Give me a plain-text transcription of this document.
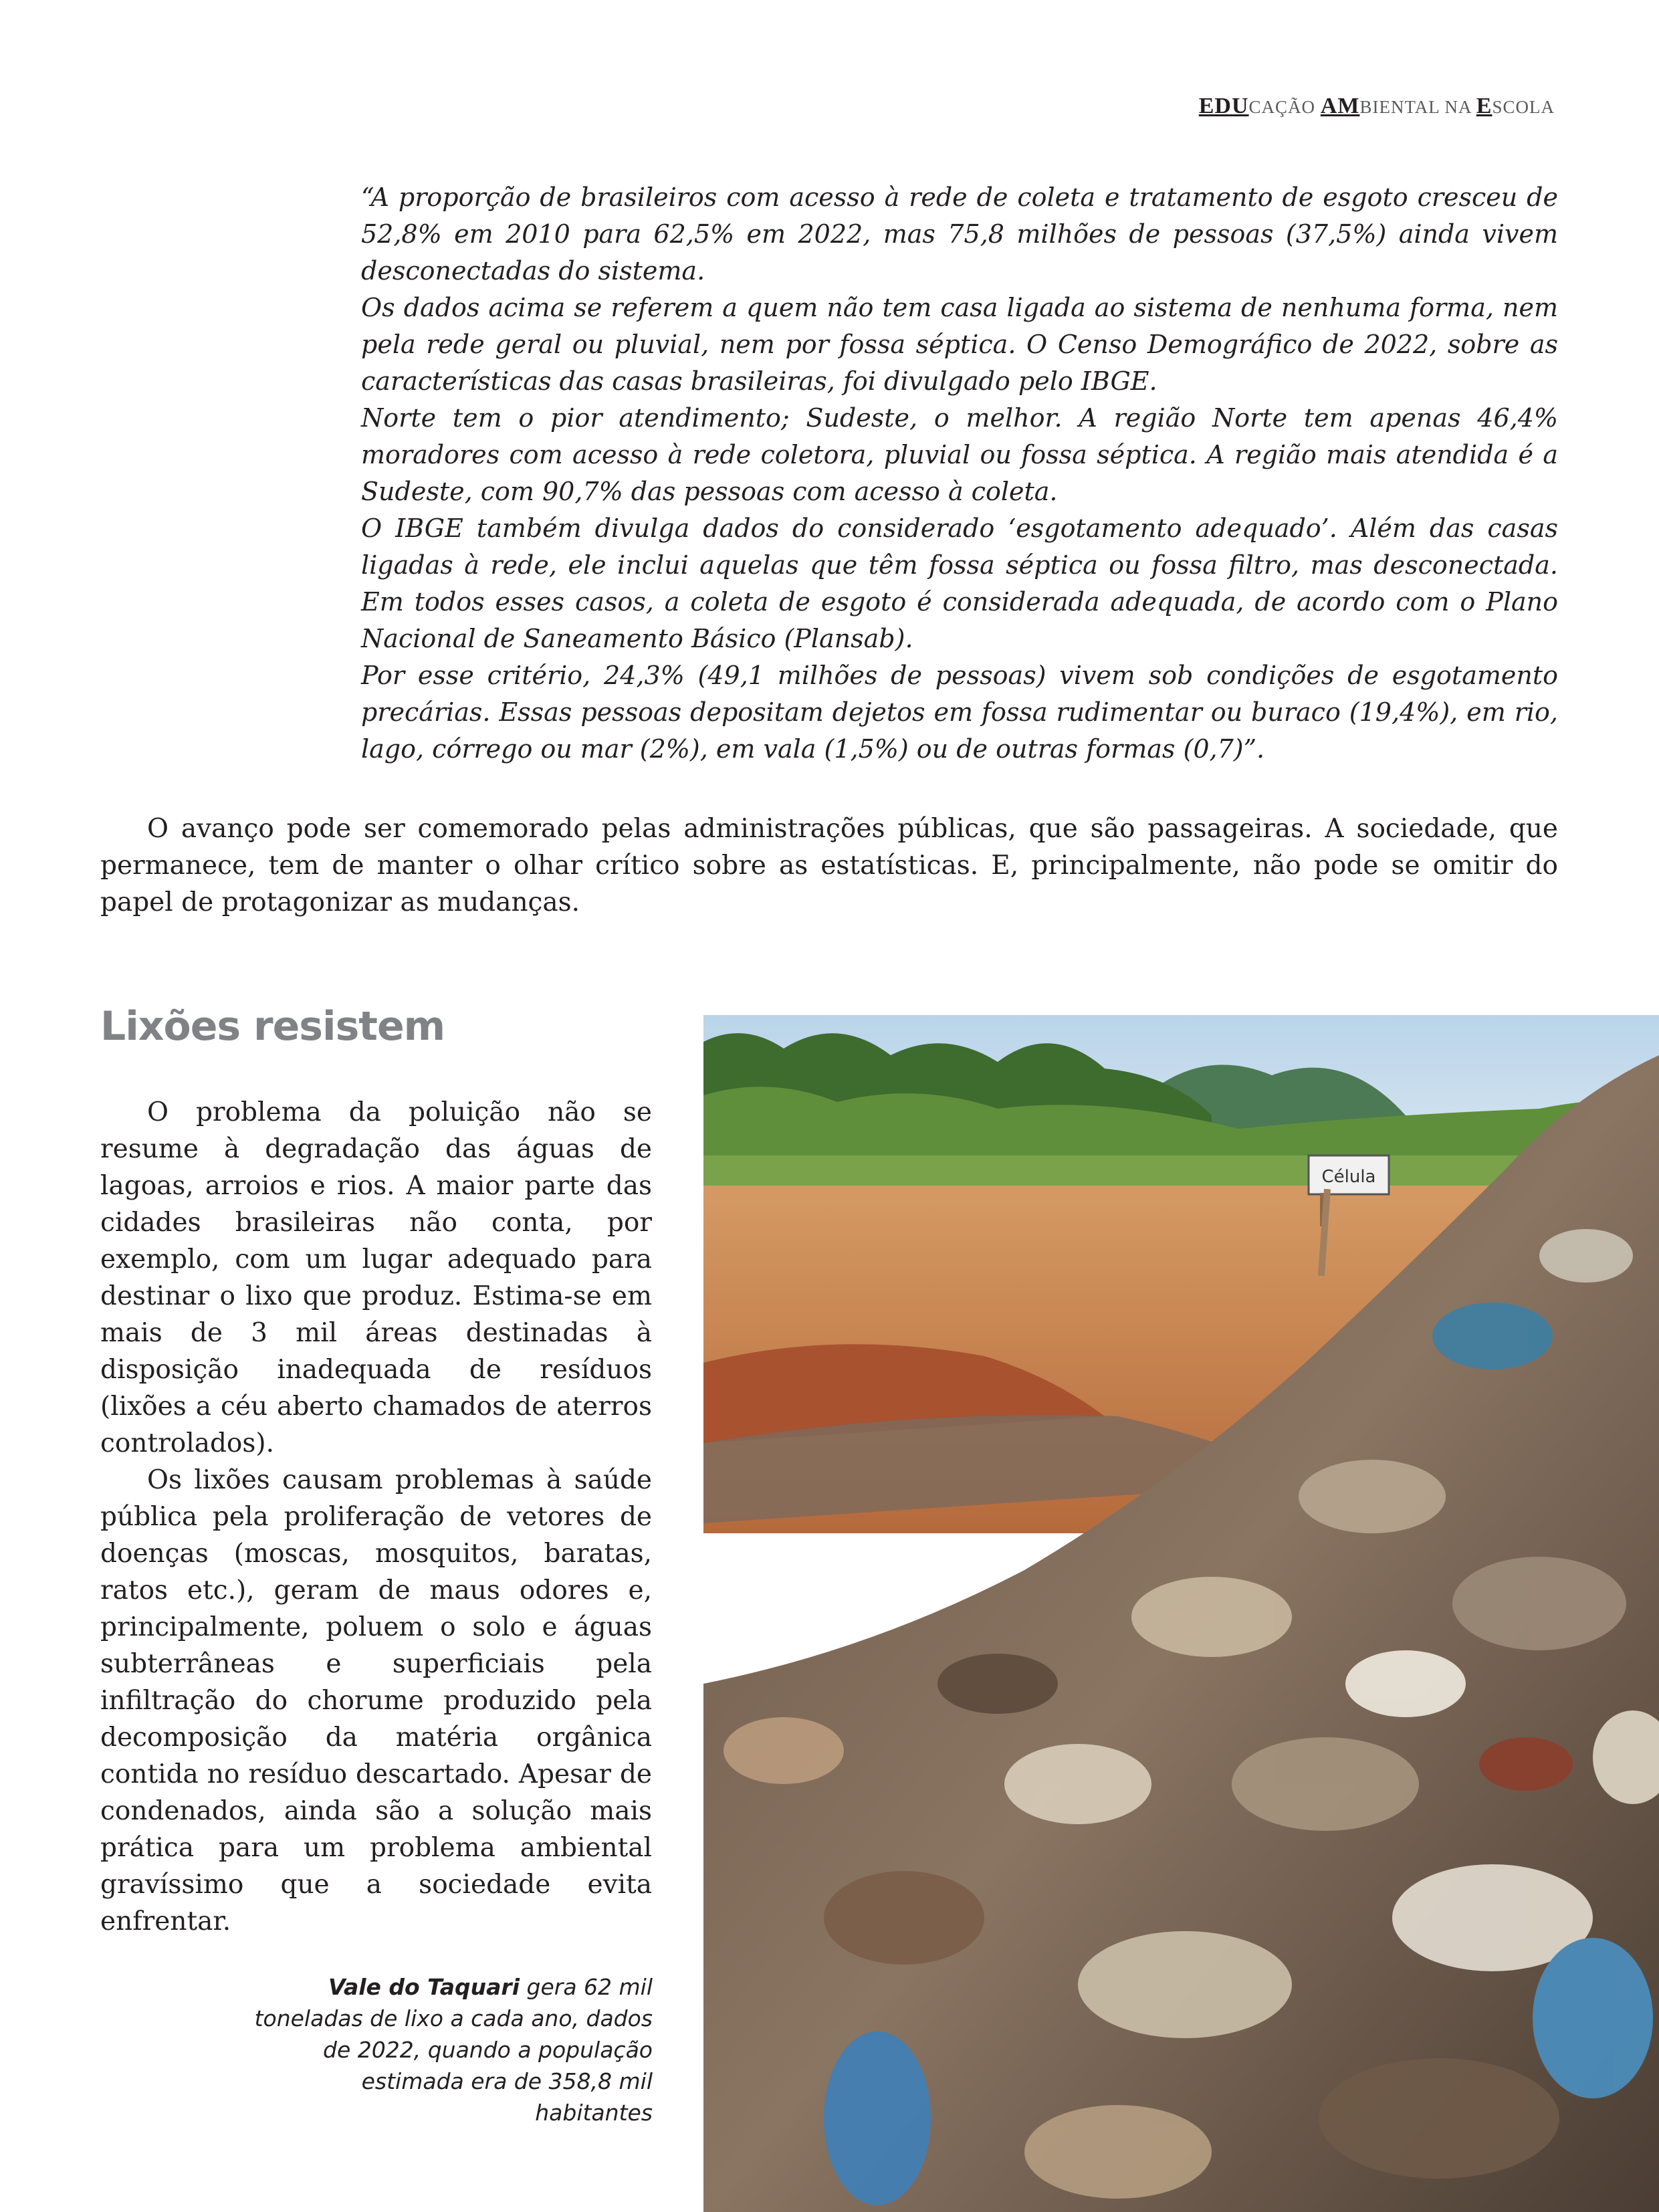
EDUCAÇÃO AMBIENTAL NA ESCOLA

“A proporção de brasileiros com acesso à rede de coleta e tratamento de esgoto cresceu de 52,8% em 2010 para 62,5% em 2022, mas 75,8 milhões de pessoas (37,5%) ainda vivem desconectadas do sistema.

Os dados acima se referem a quem não tem casa ligada ao sistema de nenhuma forma, nem pela rede geral ou pluvial, nem por fossa séptica. O Censo Demográfico de 2022, sobre as características das casas brasileiras, foi divulgado pelo IBGE.

Norte tem o pior atendimento; Sudeste, o melhor. A região Norte tem apenas 46,4% moradores com acesso à rede coletora, pluvial ou fossa séptica. A região mais atendida é a Sudeste, com 90,7% das pessoas com acesso à coleta.

O IBGE também divulga dados do considerado ‘esgotamento adequado’. Além das casas ligadas à rede, ele inclui aquelas que têm fossa séptica ou fossa filtro, mas desconectada. Em todos esses casos, a coleta de esgoto é considerada adequada, de acordo com o Plano Nacional de Saneamento Básico (Plansab).

Por esse critério, 24,3% (49,1 milhões de pessoas) vivem sob condições de esgotamento precárias. Essas pessoas depositam dejetos em fossa rudimentar ou buraco (19,4%), em rio, lago, córrego ou mar (2%), em vala (1,5%) ou de outras formas (0,7)”.

O avanço pode ser comemorado pelas administrações públicas, que são passageiras. A sociedade, que permanece, tem de manter o olhar crítico sobre as estatísticas. E, principalmente, não pode se omitir do papel de protagonizar as mudanças.

Lixões resistem

O problema da poluição não se resume à degradação das águas de lagoas, arroios e rios. A maior parte das cidades brasileiras não conta, por exemplo, com um lugar adequado para destinar o lixo que produz. Estima-se em mais de 3 mil áreas destinadas à disposição inadequada de resíduos (lixões a céu aberto chamados de aterros controlados).

Os lixões causam problemas à saúde pública pela proliferação de vetores de doenças (moscas, mosquitos, baratas, ratos etc.), geram de maus odores e, principalmente, poluem o solo e águas subterrâneas e superficiais pela infiltração do chorume produzido pela decomposição da matéria orgânica contida no resíduo descartado. Apesar de condenados, ainda são a solução mais prática para um problema ambiental gravíssimo que a sociedade evita enfrentar.

Vale do Taquari gera 62 mil toneladas de lixo a cada ano, dados de 2022, quando a população estimada era de 358,8 mil habitantes
Célula
